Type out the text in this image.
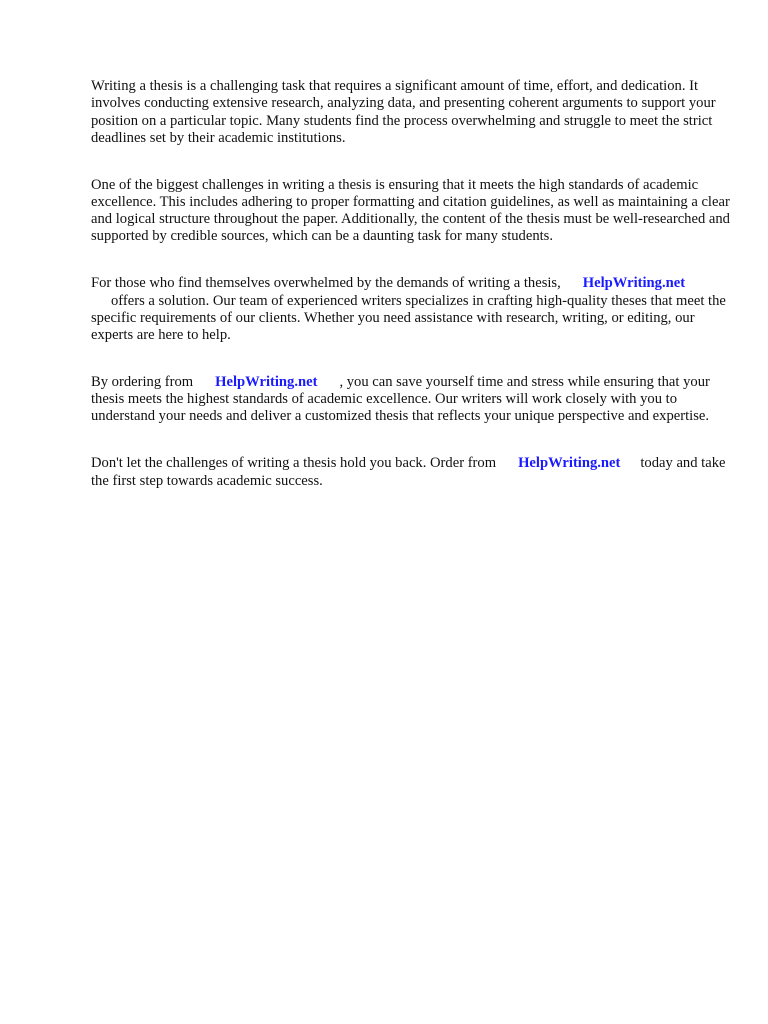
Writing a thesis is a challenging task that requires a significant amount of time, effort, and dedication. It involves conducting extensive research, analyzing data, and presenting coherent arguments to support your position on a particular topic. Many students find the process overwhelming and struggle to meet the strict deadlines set by their academic institutions.

One of the biggest challenges in writing a thesis is ensuring that it meets the high standards of academic excellence. This includes adhering to proper formatting and citation guidelines, as well as maintaining a clear and logical structure throughout the paper. Additionally, the content of the thesis must be well-researched and supported by credible sources, which can be a daunting task for many students.

For those who find themselves overwhelmed by the demands of writing a thesis, HelpWriting.net
offers a solution. Our team of experienced writers specializes in crafting high-quality theses that meet the specific requirements of our clients. Whether you need assistance with research, writing, or editing, our experts are here to help.

By ordering from HelpWriting.net , you can save yourself time and stress while ensuring that your thesis meets the highest standards of academic excellence. Our writers will work closely with you to understand your needs and deliver a customized thesis that reflects your unique perspective and expertise.

Don't let the challenges of writing a thesis hold you back. Order from HelpWriting.net today and take the first step towards academic success.
